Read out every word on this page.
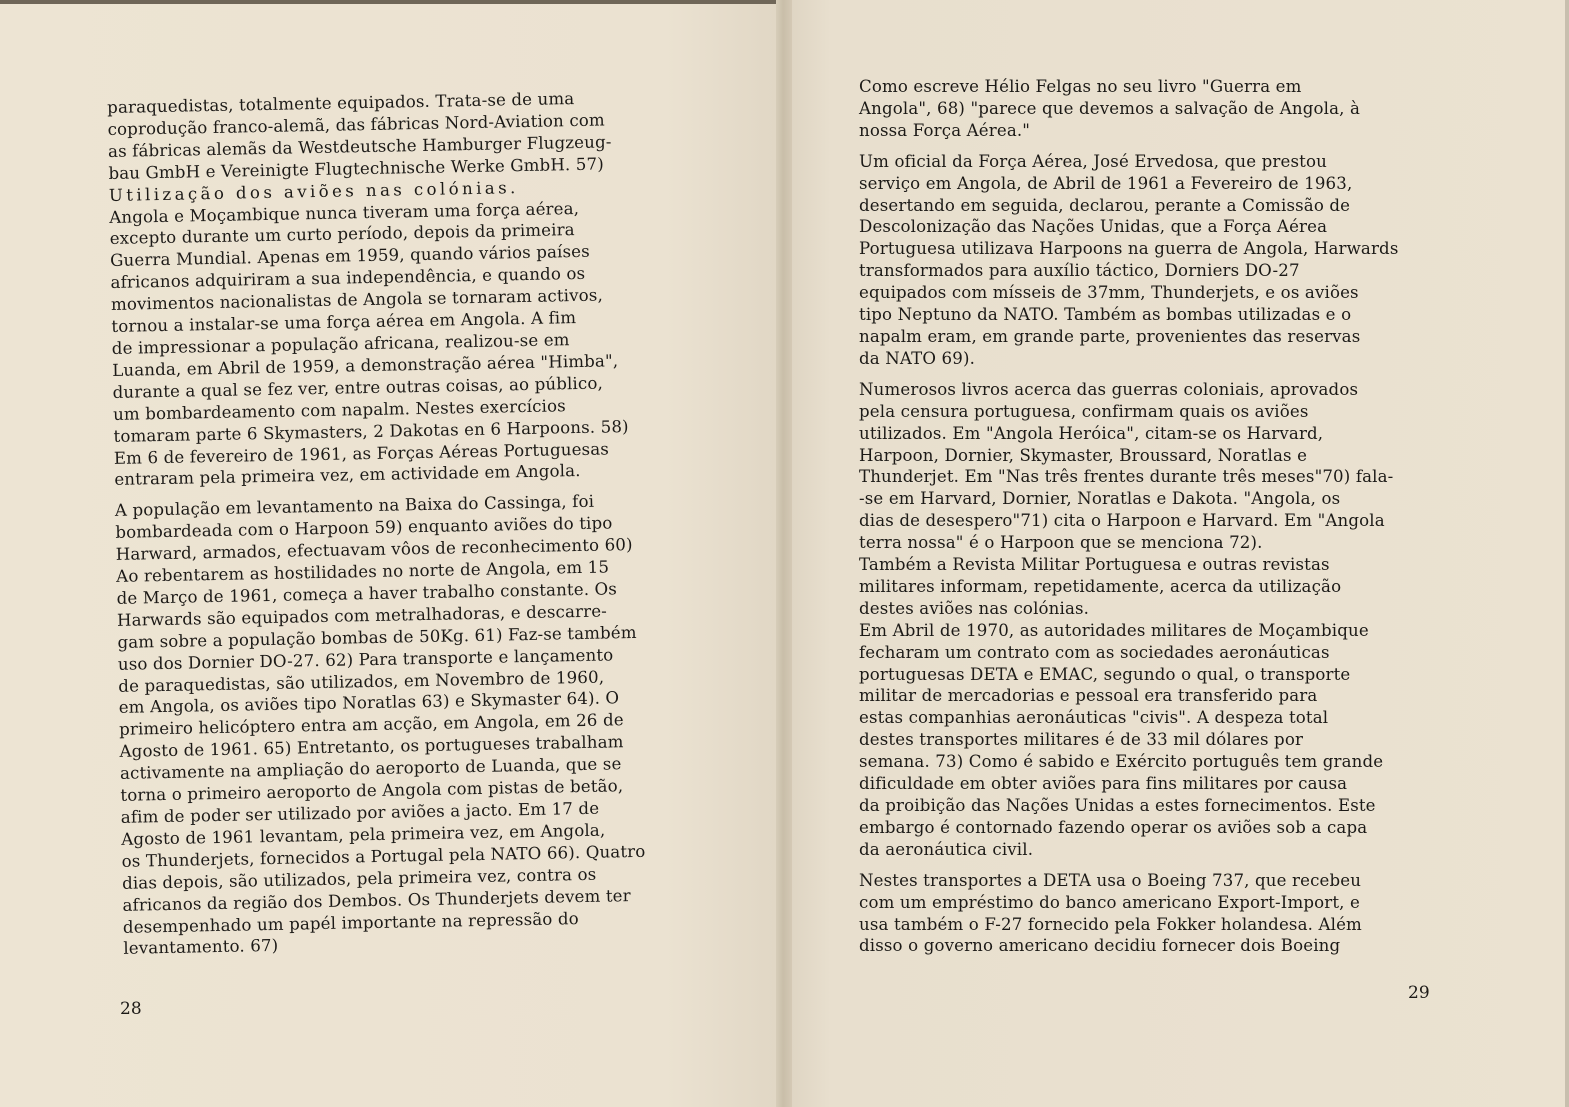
paraquedistas, totalmente equipados. Trata-se de uma
coprodução franco-alemã, das fábricas Nord-Aviation com
as fábricas alemãs da Westdeutsche Hamburger Flugzeug-
bau GmbH e Vereinigte Flugtechnische Werke GmbH. 57)
Utilização dos aviões nas colónias.
Angola e Moçambique nunca tiveram uma força aérea,
excepto durante um curto período, depois da primeira
Guerra Mundial. Apenas em 1959, quando vários países
africanos adquiriram a sua independência, e quando os
movimentos nacionalistas de Angola se tornaram activos,
tornou a instalar-se uma força aérea em Angola. A fim
de impressionar a população africana, realizou-se em
Luanda, em Abril de 1959, a demonstração aérea "Himba",
durante a qual se fez ver, entre outras coisas, ao público,
um bombardeamento com napalm. Nestes exercícios
tomaram parte 6 Skymasters, 2 Dakotas en 6 Harpoons. 58)
Em 6 de fevereiro de 1961, as Forças Aéreas Portuguesas
entraram pela primeira vez, em actividade em Angola.
A população em levantamento na Baixa do Cassinga, foi
bombardeada com o Harpoon 59) enquanto aviões do tipo
Harward, armados, efectuavam vôos de reconhecimento 60)
Ao rebentarem as hostilidades no norte de Angola, em 15
de Março de 1961, começa a haver trabalho constante. Os
Harwards são equipados com metralhadoras, e descarre-
gam sobre a população bombas de 50Kg. 61) Faz-se também
uso dos Dornier DO-27. 62) Para transporte e lançamento
de paraquedistas, são utilizados, em Novembro de 1960,
em Angola, os aviões tipo Noratlas 63) e Skymaster 64). O
primeiro helicóptero entra am acção, em Angola, em 26 de
Agosto de 1961. 65) Entretanto, os portugueses trabalham
activamente na ampliação do aeroporto de Luanda, que se
torna o primeiro aeroporto de Angola com pistas de betão,
afim de poder ser utilizado por aviões a jacto. Em 17 de
Agosto de 1961 levantam, pela primeira vez, em Angola,
os Thunderjets, fornecidos a Portugal pela NATO 66). Quatro
dias depois, são utilizados, pela primeira vez, contra os
africanos da região dos Dembos. Os Thunderjets devem ter
desempenhado um papél importante na repressão do
levantamento. 67)
28
Como escreve Hélio Felgas no seu livro "Guerra em
Angola", 68) "parece que devemos a salvação de Angola, à
nossa Força Aérea."
Um oficial da Força Aérea, José Ervedosa, que prestou
serviço em Angola, de Abril de 1961 a Fevereiro de 1963,
desertando em seguida, declarou, perante a Comissão de
Descolonização das Nações Unidas, que a Força Aérea
Portuguesa utilizava Harpoons na guerra de Angola, Harwards
transformados para auxílio táctico, Dorniers DO-27
equipados com mísseis de 37mm, Thunderjets, e os aviões
tipo Neptuno da NATO. Também as bombas utilizadas e o
napalm eram, em grande parte, provenientes das reservas
da NATO 69).
Numerosos livros acerca das guerras coloniais, aprovados
pela censura portuguesa, confirmam quais os aviões
utilizados. Em "Angola Heróica", citam-se os Harvard,
Harpoon, Dornier, Skymaster, Broussard, Noratlas e
Thunderjet. Em "Nas três frentes durante três meses"70) fala-
-se em Harvard, Dornier, Noratlas e Dakota. "Angola, os
dias de desespero"71) cita o Harpoon e Harvard. Em "Angola
terra nossa" é o Harpoon que se menciona 72).
Também a Revista Militar Portuguesa e outras revistas
militares informam, repetidamente, acerca da utilização
destes aviões nas colónias.
Em Abril de 1970, as autoridades militares de Moçambique
fecharam um contrato com as sociedades aeronáuticas
portuguesas DETA e EMAC, segundo o qual, o transporte
militar de mercadorias e pessoal era transferido para
estas companhias aeronáuticas "civis". A despeza total
destes transportes militares é de 33 mil dólares por
semana. 73) Como é sabido e Exército português tem grande
dificuldade em obter aviões para fins militares por causa
da proibição das Nações Unidas a estes fornecimentos. Este
embargo é contornado fazendo operar os aviões sob a capa
da aeronáutica civil.
Nestes transportes a DETA usa o Boeing 737, que recebeu
com um empréstimo do banco americano Export-Import, e
usa também o F-27 fornecido pela Fokker holandesa. Além
disso o governo americano decidiu fornecer dois Boeing
29
